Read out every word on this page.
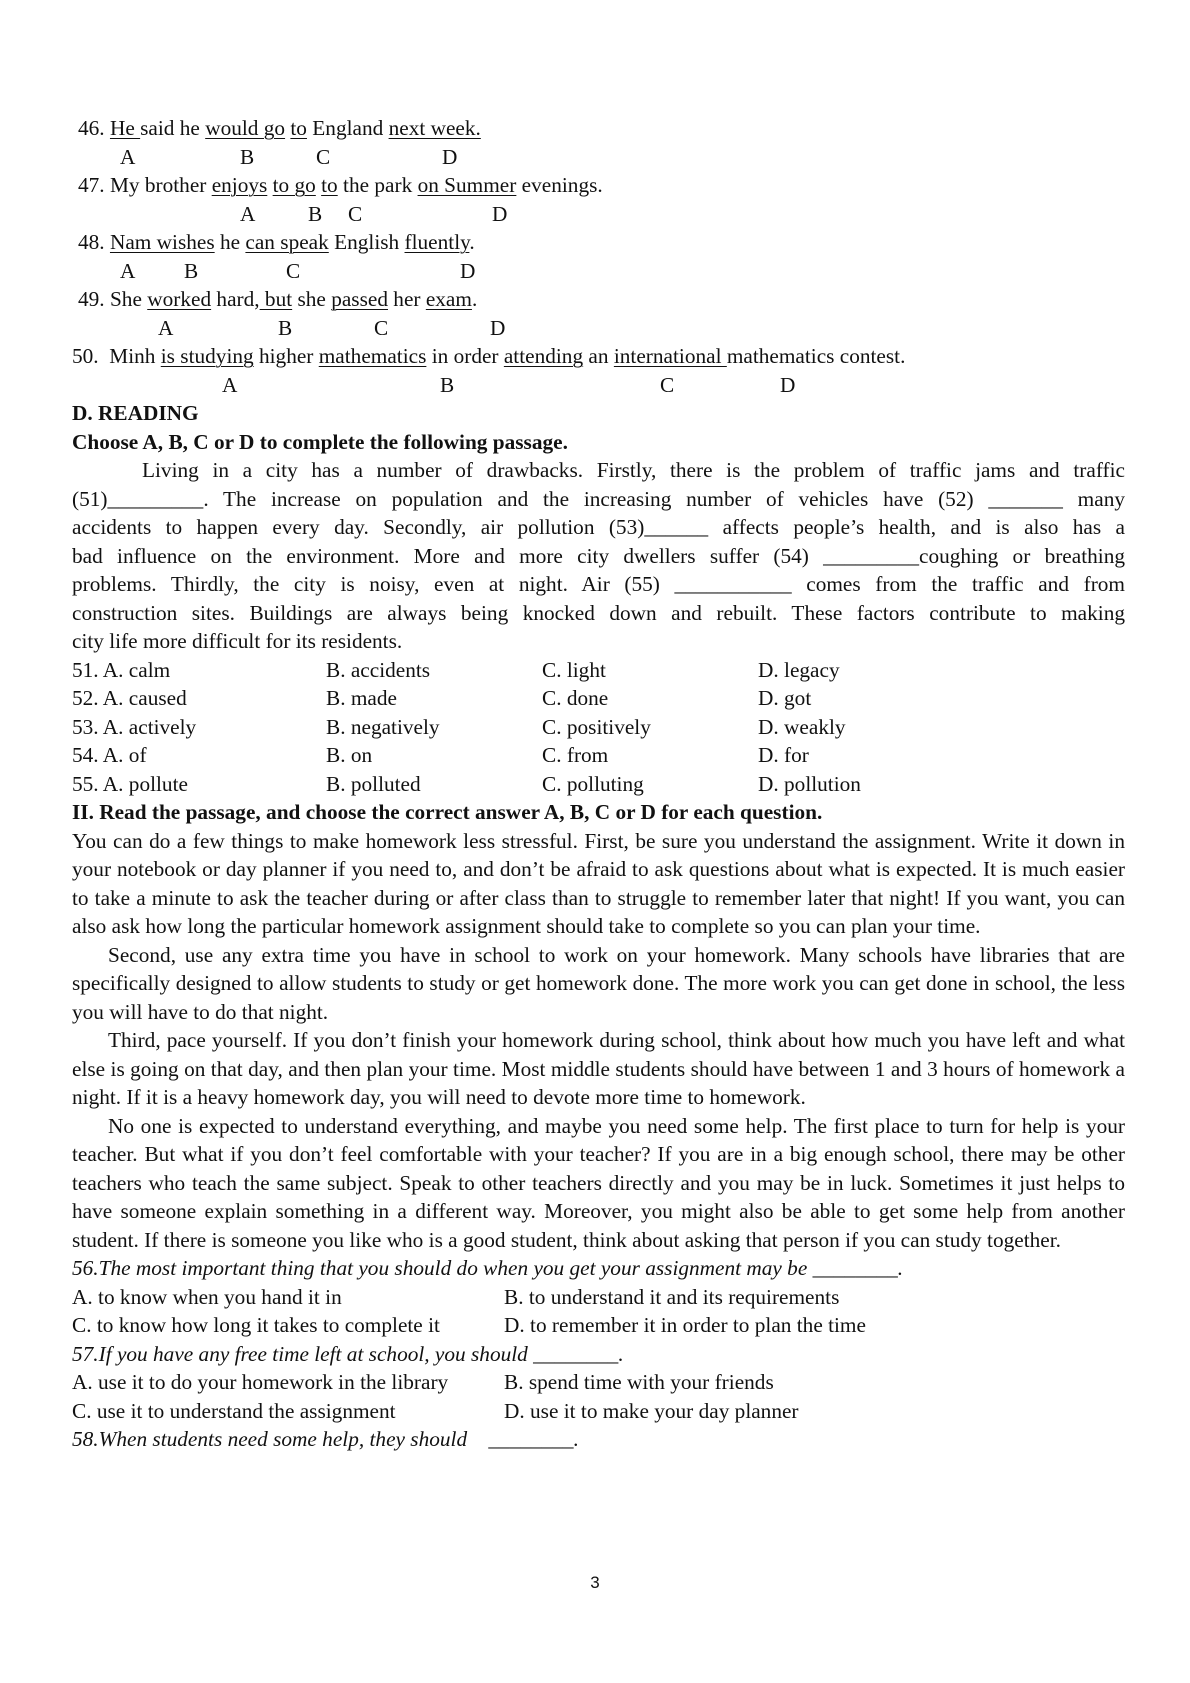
46. He said he would go to England next week.

A

	B

	C

	D

47. My brother enjoys to go to the park on Summer evenings.

A

B

C

	D

48. Nam wishes he can speak English fluently.

A

B

	C

	D

49. She worked hard, but she passed her exam.

A

	B

	C

	D

50.  Minh is studying higher mathematics in order attending an international mathematics contest.

A

	B

	C

	D

D. READING
Choose A, B, C or D to complete the following passage.
Living in a city has a number of drawbacks. Firstly, there is the problem of traffic jams and traffic
(51)_________. The increase on population and the increasing number of vehicles have (52) _______ many
accidents to happen every day. Secondly, air pollution (53)______ affects people’s health, and is also has a
bad influence on the environment. More and more city dwellers suffer (54) _________coughing or breathing
problems. Thirdly, the city is noisy, even at night. Air (55) ___________ comes from the traffic and from
construction sites. Buildings are always being knocked down and rebuilt. These factors contribute to making
city life more difficult for its residents.
51. A. calm	B. accidents	C. light	D. legacy
52. A. caused	B. made	C. done	D. got
53. A. actively	B. negatively	C. positively	D. weakly
54. A. of	B. on	C. from	D. for
55. A. pollute	B. polluted	C. polluting	D. pollution
II. Read the passage, and choose the correct answer A, B, C or D for each question.

You can do a few things to make homework less stressful. First, be sure you understand the assignment. Write it down in your notebook or day planner if you need to, and don’t be afraid to ask questions about what is expected. It is much easier to take a minute to ask the teacher during or after class than to struggle to remember later that night! If you want, you can also ask how long the particular homework assignment should take to complete so you can plan your time.

Second, use any extra time you have in school to work on your homework. Many schools have libraries that are specifically designed to allow students to study or get homework done. The more work you can get done in school, the less you will have to do that night.

Third, pace yourself. If you don’t finish your homework during school, think about how much you have left and what else is going on that day, and then plan your time. Most middle students should have between 1 and 3 hours of homework a night. If it is a heavy homework day, you will need to devote more time to homework.

No one is expected to understand everything, and maybe you need some help. The first place to turn for help is your teacher. But what if you don’t feel comfortable with your teacher? If you are in a big enough school, there may be other teachers who teach the same subject. Speak to other teachers directly and you may be in luck. Sometimes it just helps to have someone explain something in a different way. Moreover, you might also be able to get some help from another student. If there is someone you like who is a good student, think about asking that person if you can study together.

56.The most important thing that you should do when you get your assignment may be ________.
A. to know when you hand it in	B. to understand it and its requirements
C. to know how long it takes to complete it	D. to remember it in order to plan the time
57.If you have any free time left at school, you should ________.
A. use it to do your homework in the library	B. spend time with your friends
C. use it to understand the assignment	D. use it to make your day planner
58.When students need some help, they should    ________.
3
